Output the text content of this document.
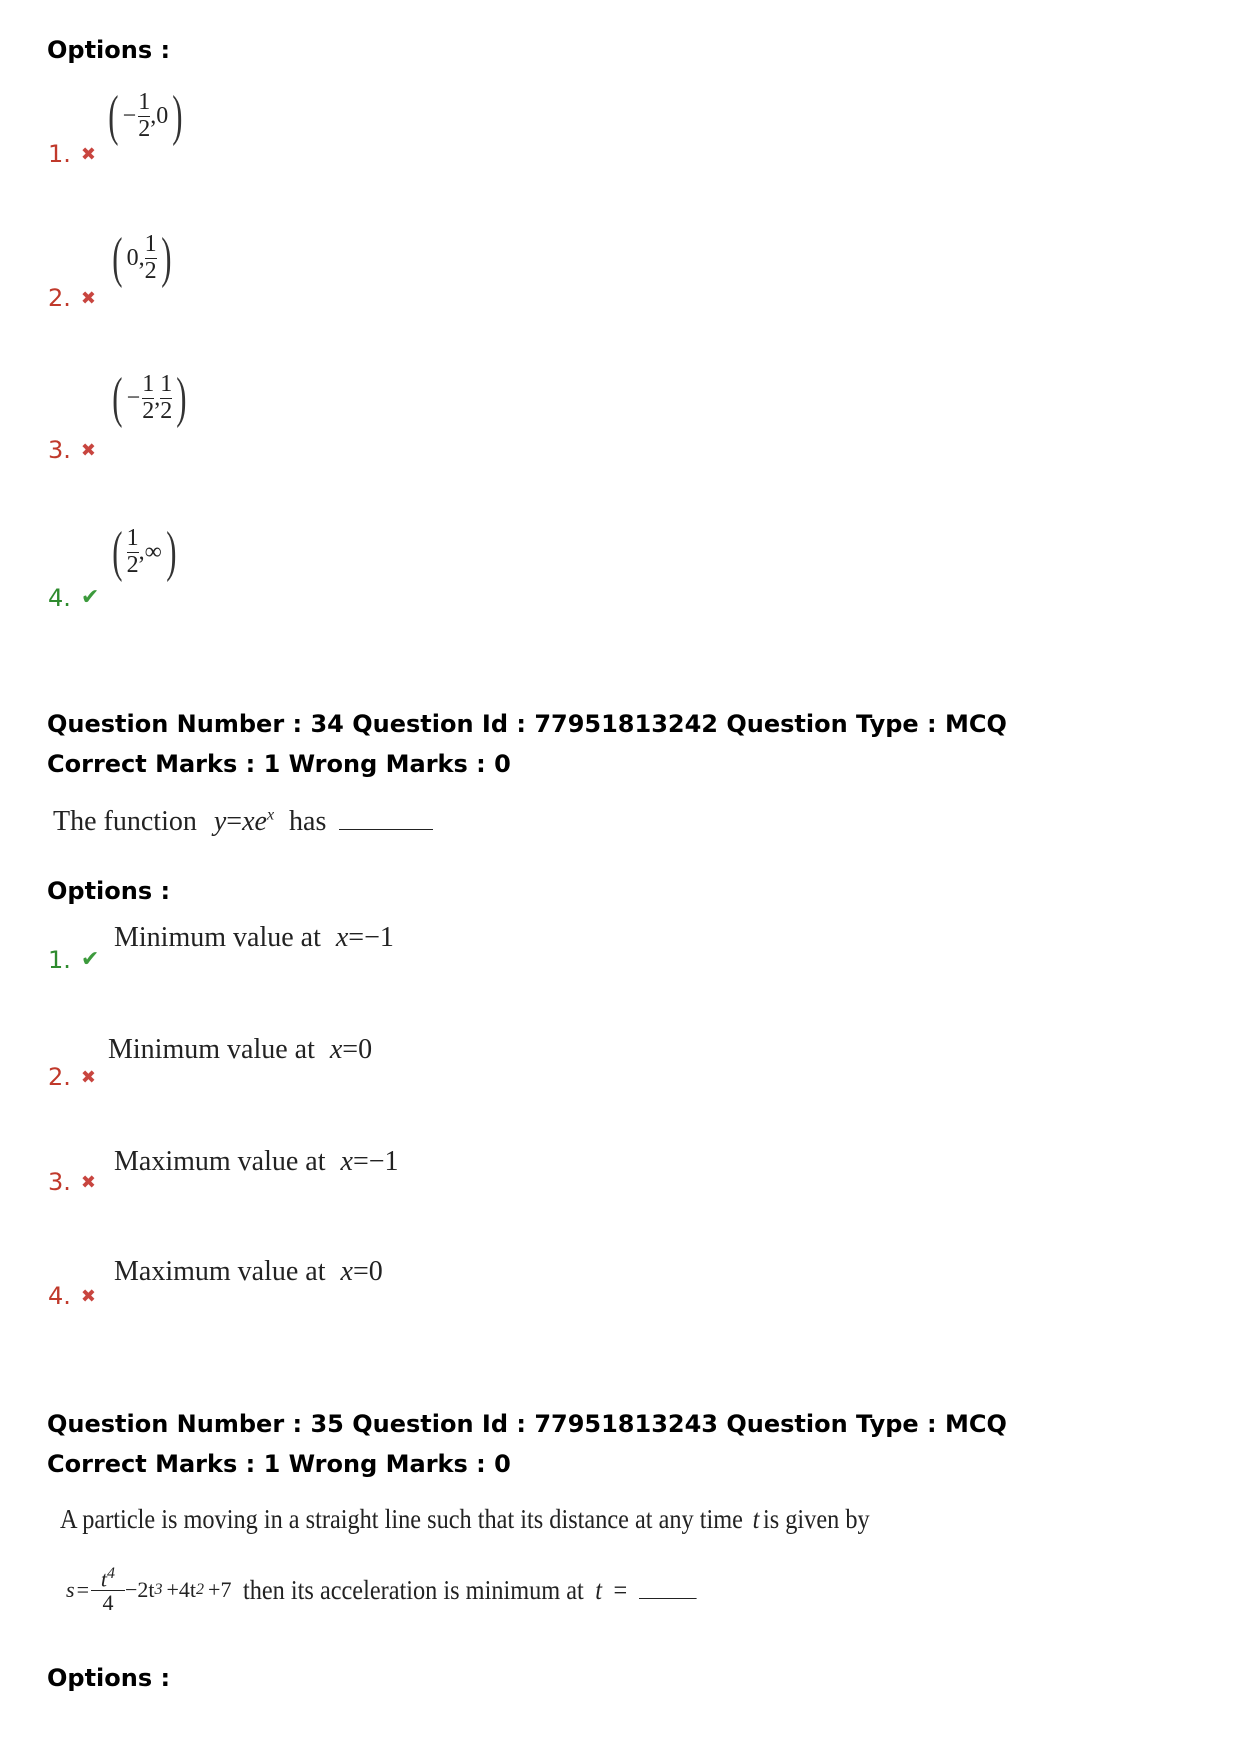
Options :
1. ✖
( − $\frac{1}{2} ,0$ )
2. ✖
( 0, $\frac{1}{2}$ )
3. ✖
( − $\frac{1}{2}$ , $\frac{1}{2}$ )
4. ✔
( $\frac{1}{2}$ ,∞ )
Question Number : 34 Question Id : 77951813242 Question Type : MCQ
Correct Marks : 1 Wrong Marks : 0
The function $y=xe^x$ has
Options :
1. ✔
Minimum value at x=−1
2. ✖
Minimum value at x=0
3. ✖
Maximum value at x=−1
4. ✖
Maximum value at x=0
Question Number : 35 Question Id : 77951813243 Question Type : MCQ
Correct Marks : 1 Wrong Marks : 0
A particle is moving in a straight line such that its distance at any time t is given by
$s = \frac{t^4}{4} -2t$ 3 +4t 2 +7 then its acceleration is minimum at t =
Options :
